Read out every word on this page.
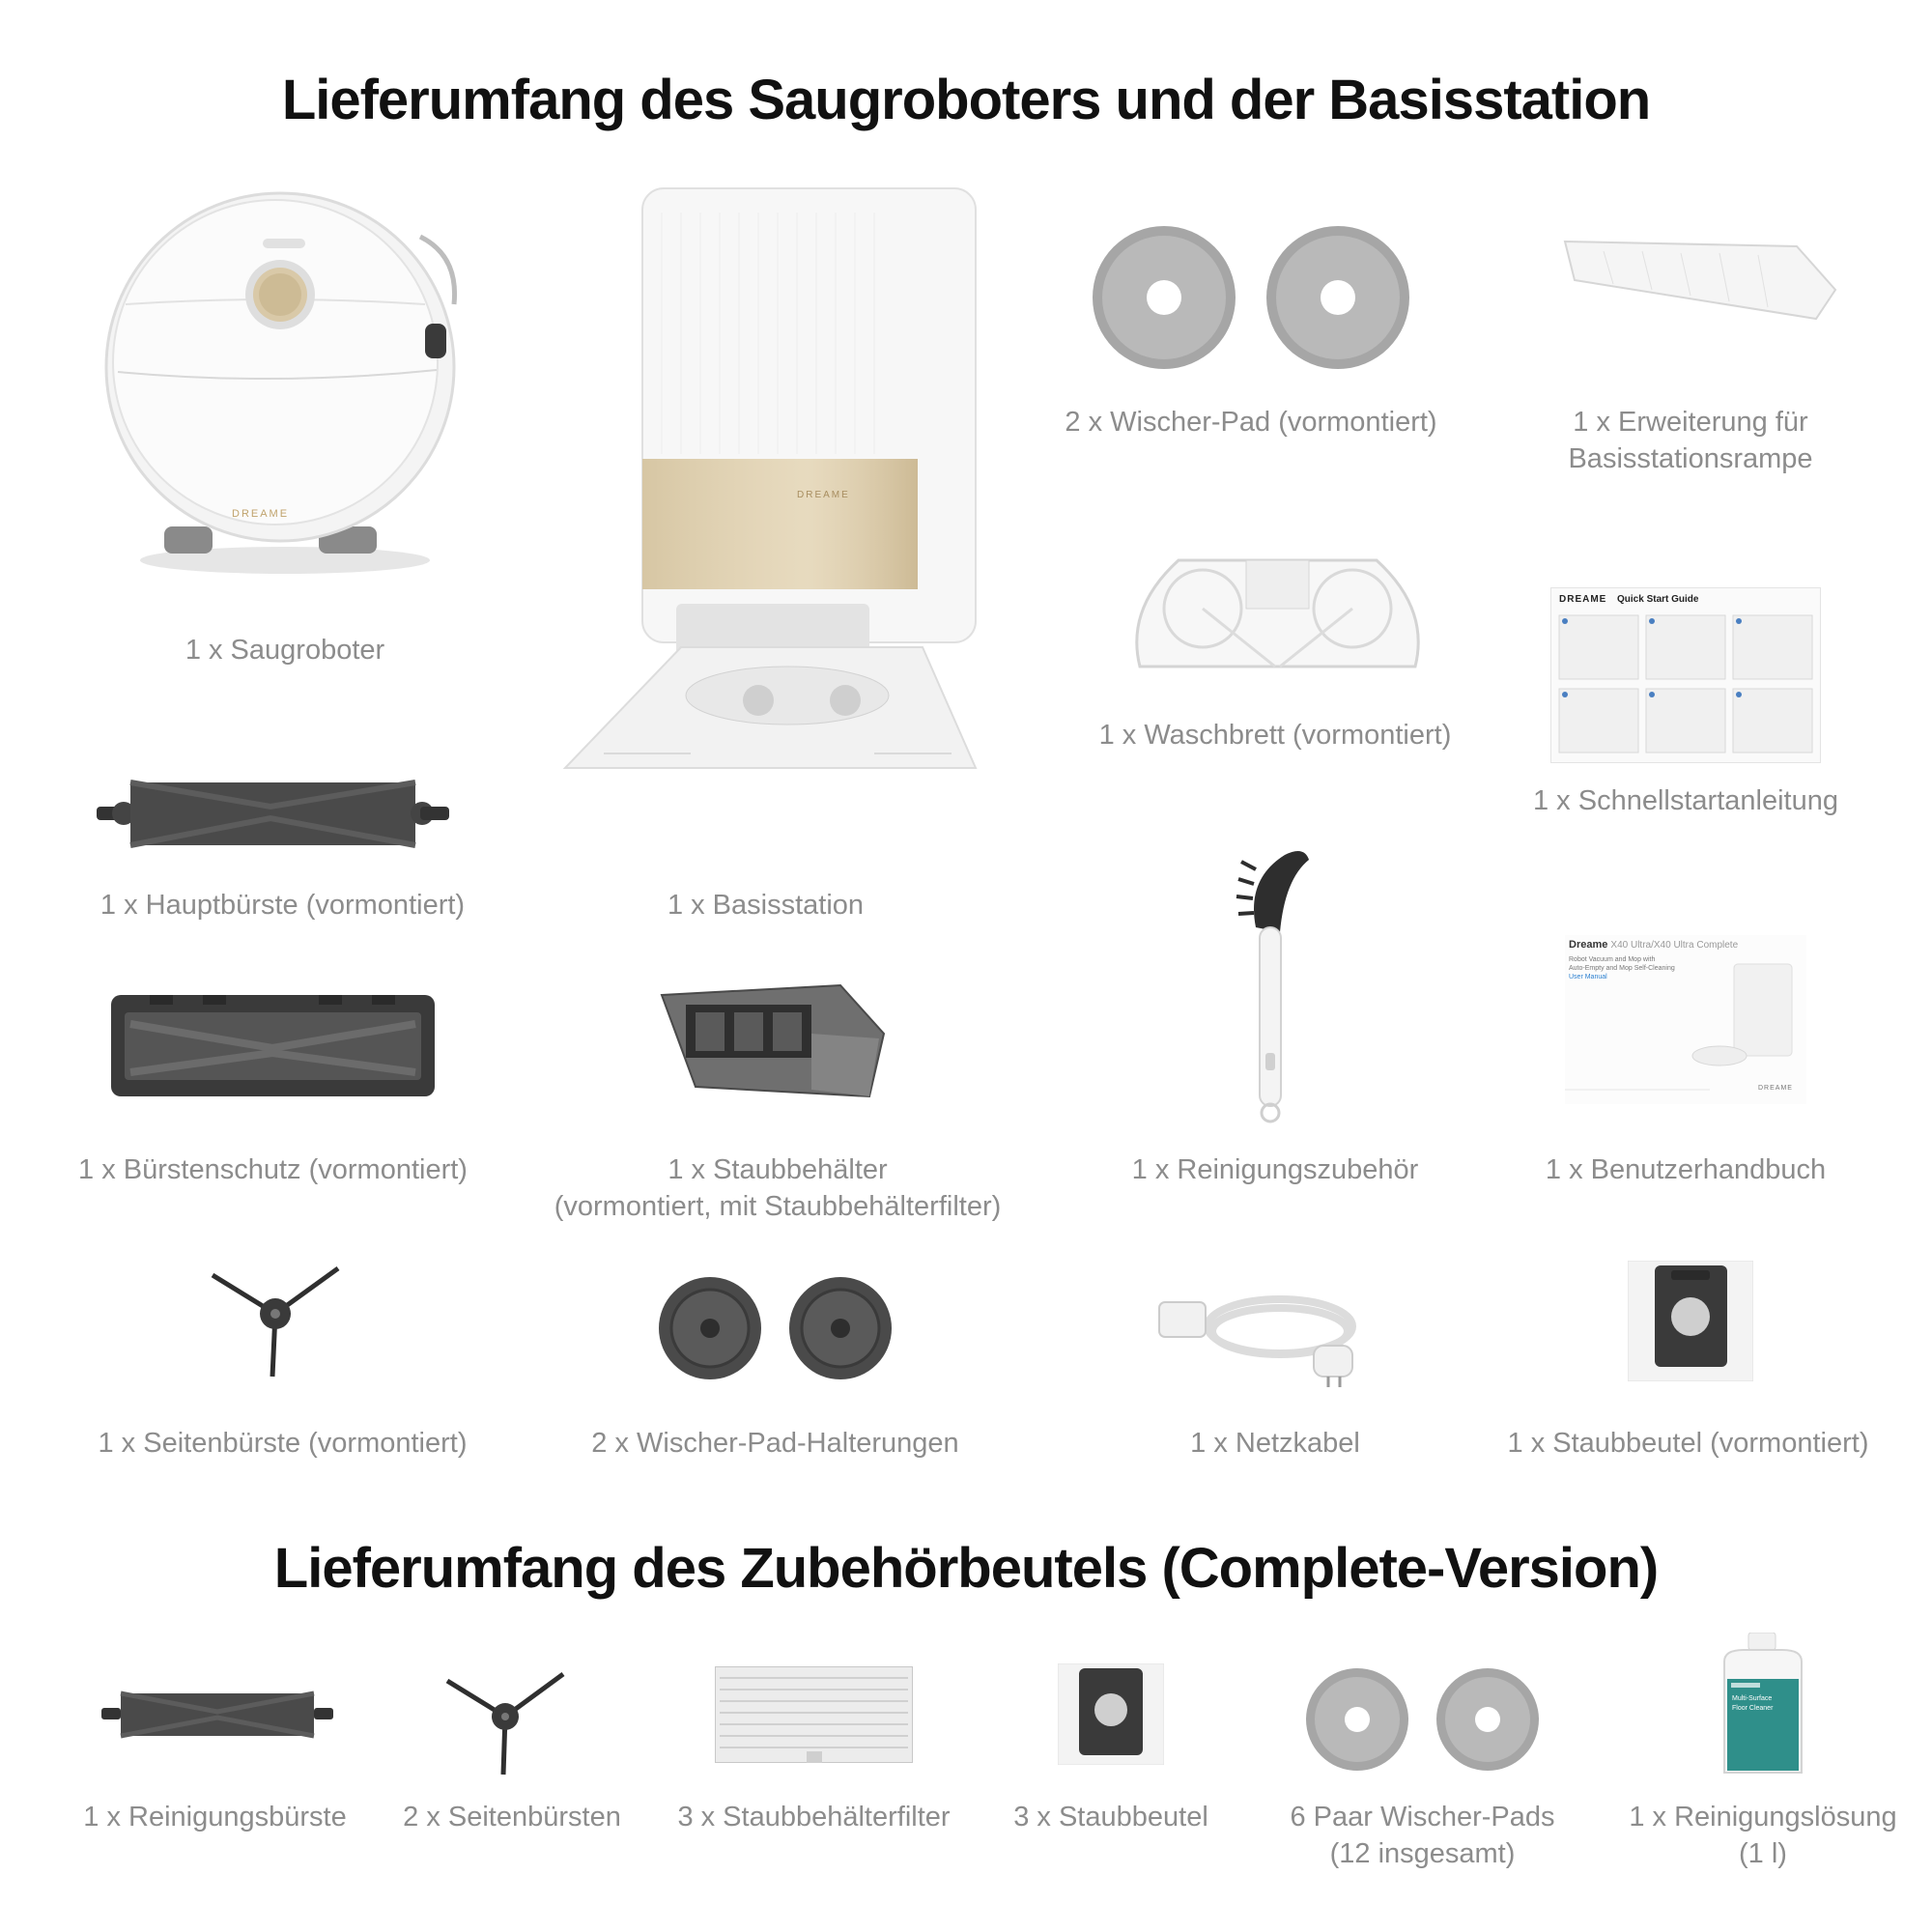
Lieferumfang des Saugroboters und der Basisstation
Lieferumfang des Zubehörbeutels (Complete-Version)
DREAME
1 x Saugroboter
DREAME
1 x Basisstation
2 x Wischer-Pad (vormontiert)	1 x Erweiterung für Basisstationsrampe
1 x Waschbrett (vormontiert)
DREAME Quick Start Guide
1 x Schnellstartanleitung
1 x Hauptbürste (vormontiert)
1 x Bürstenschutz (vormontiert)	1 x Staubbehälter
(vormontiert, mit Staubbehälterfilter)
1 x Reinigungszubehör
Dreame X40 Ultra/X40 Ultra Complete
Robot Vacuum and Mop with
Auto-Empty and Mop Self-Cleaning
User Manual
DREAME
1 x Benutzerhandbuch
1 x Seitenbürste (vormontiert)	2 x Wischer-Pad-Halterungen	1 x Netzkabel	1 x Staubbeutel (vormontiert)
1 x Reinigungsbürste	2 x Seitenbürsten	3 x Staubbehälterfilter	3 x Staubbeutel	6 Paar Wischer-Pads
(12 insgesamt)
Multi-Surface
Floor Cleaner
1 x Reinigungslösung
(1 l)
